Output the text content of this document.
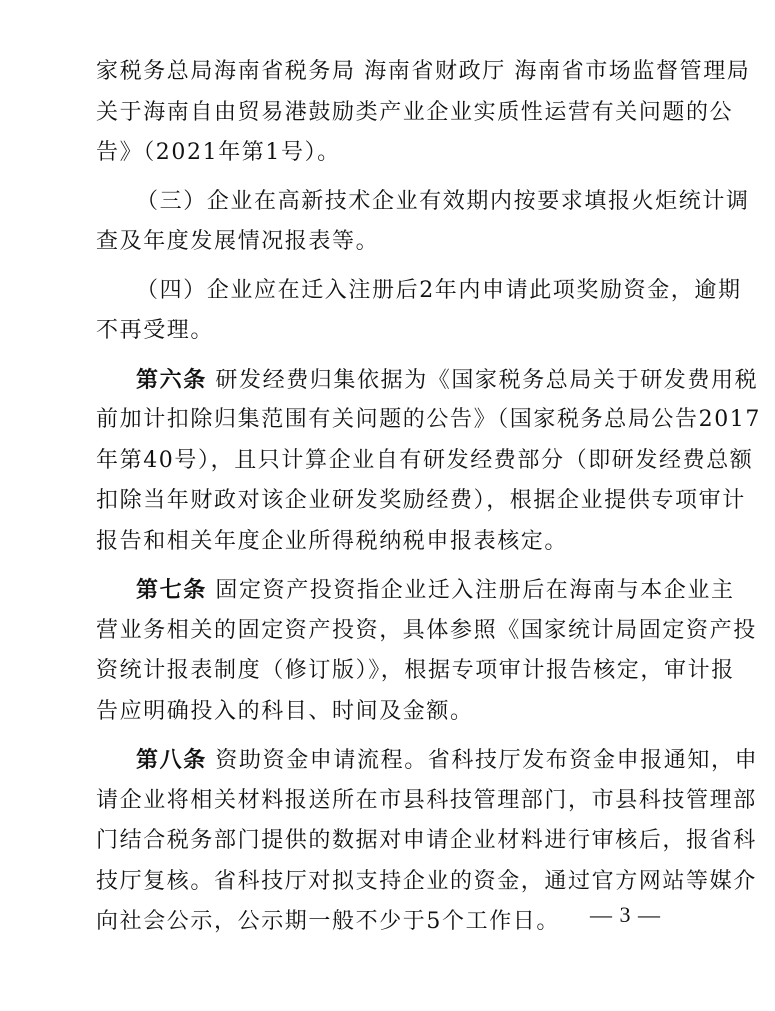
家税务总局海南省税务局 海南省财政厅 海南省市场监督管理局
关于海南自由贸易港鼓励类产业企业实质性运营有关问题的公
告》（2021年第1号）。
（三）企业在高新技术企业有效期内按要求填报火炬统计调
查及年度发展情况报表等。
（四）企业应在迁入注册后2年内申请此项奖励资金，逾期
不再受理。
第六条 研发经费归集依据为《国家税务总局关于研发费用税
前加计扣除归集范围有关问题的公告》（国家税务总局公告2017
年第40号），且只计算企业自有研发经费部分（即研发经费总额
扣除当年财政对该企业研发奖励经费），根据企业提供专项审计
报告和相关年度企业所得税纳税申报表核定。
第七条 固定资产投资指企业迁入注册后在海南与本企业主
营业务相关的固定资产投资，具体参照《国家统计局固定资产投
资统计报表制度（修订版）》，根据专项审计报告核定，审计报
告应明确投入的科目、时间及金额。
第八条 资助资金申请流程。省科技厅发布资金申报通知，申
请企业将相关材料报送所在市县科技管理部门，市县科技管理部
门结合税务部门提供的数据对申请企业材料进行审核后，报省科
技厅复核。省科技厅对拟支持企业的资金，通过官方网站等媒介
向社会公示，公示期一般不少于5个工作日。	— 3 —
